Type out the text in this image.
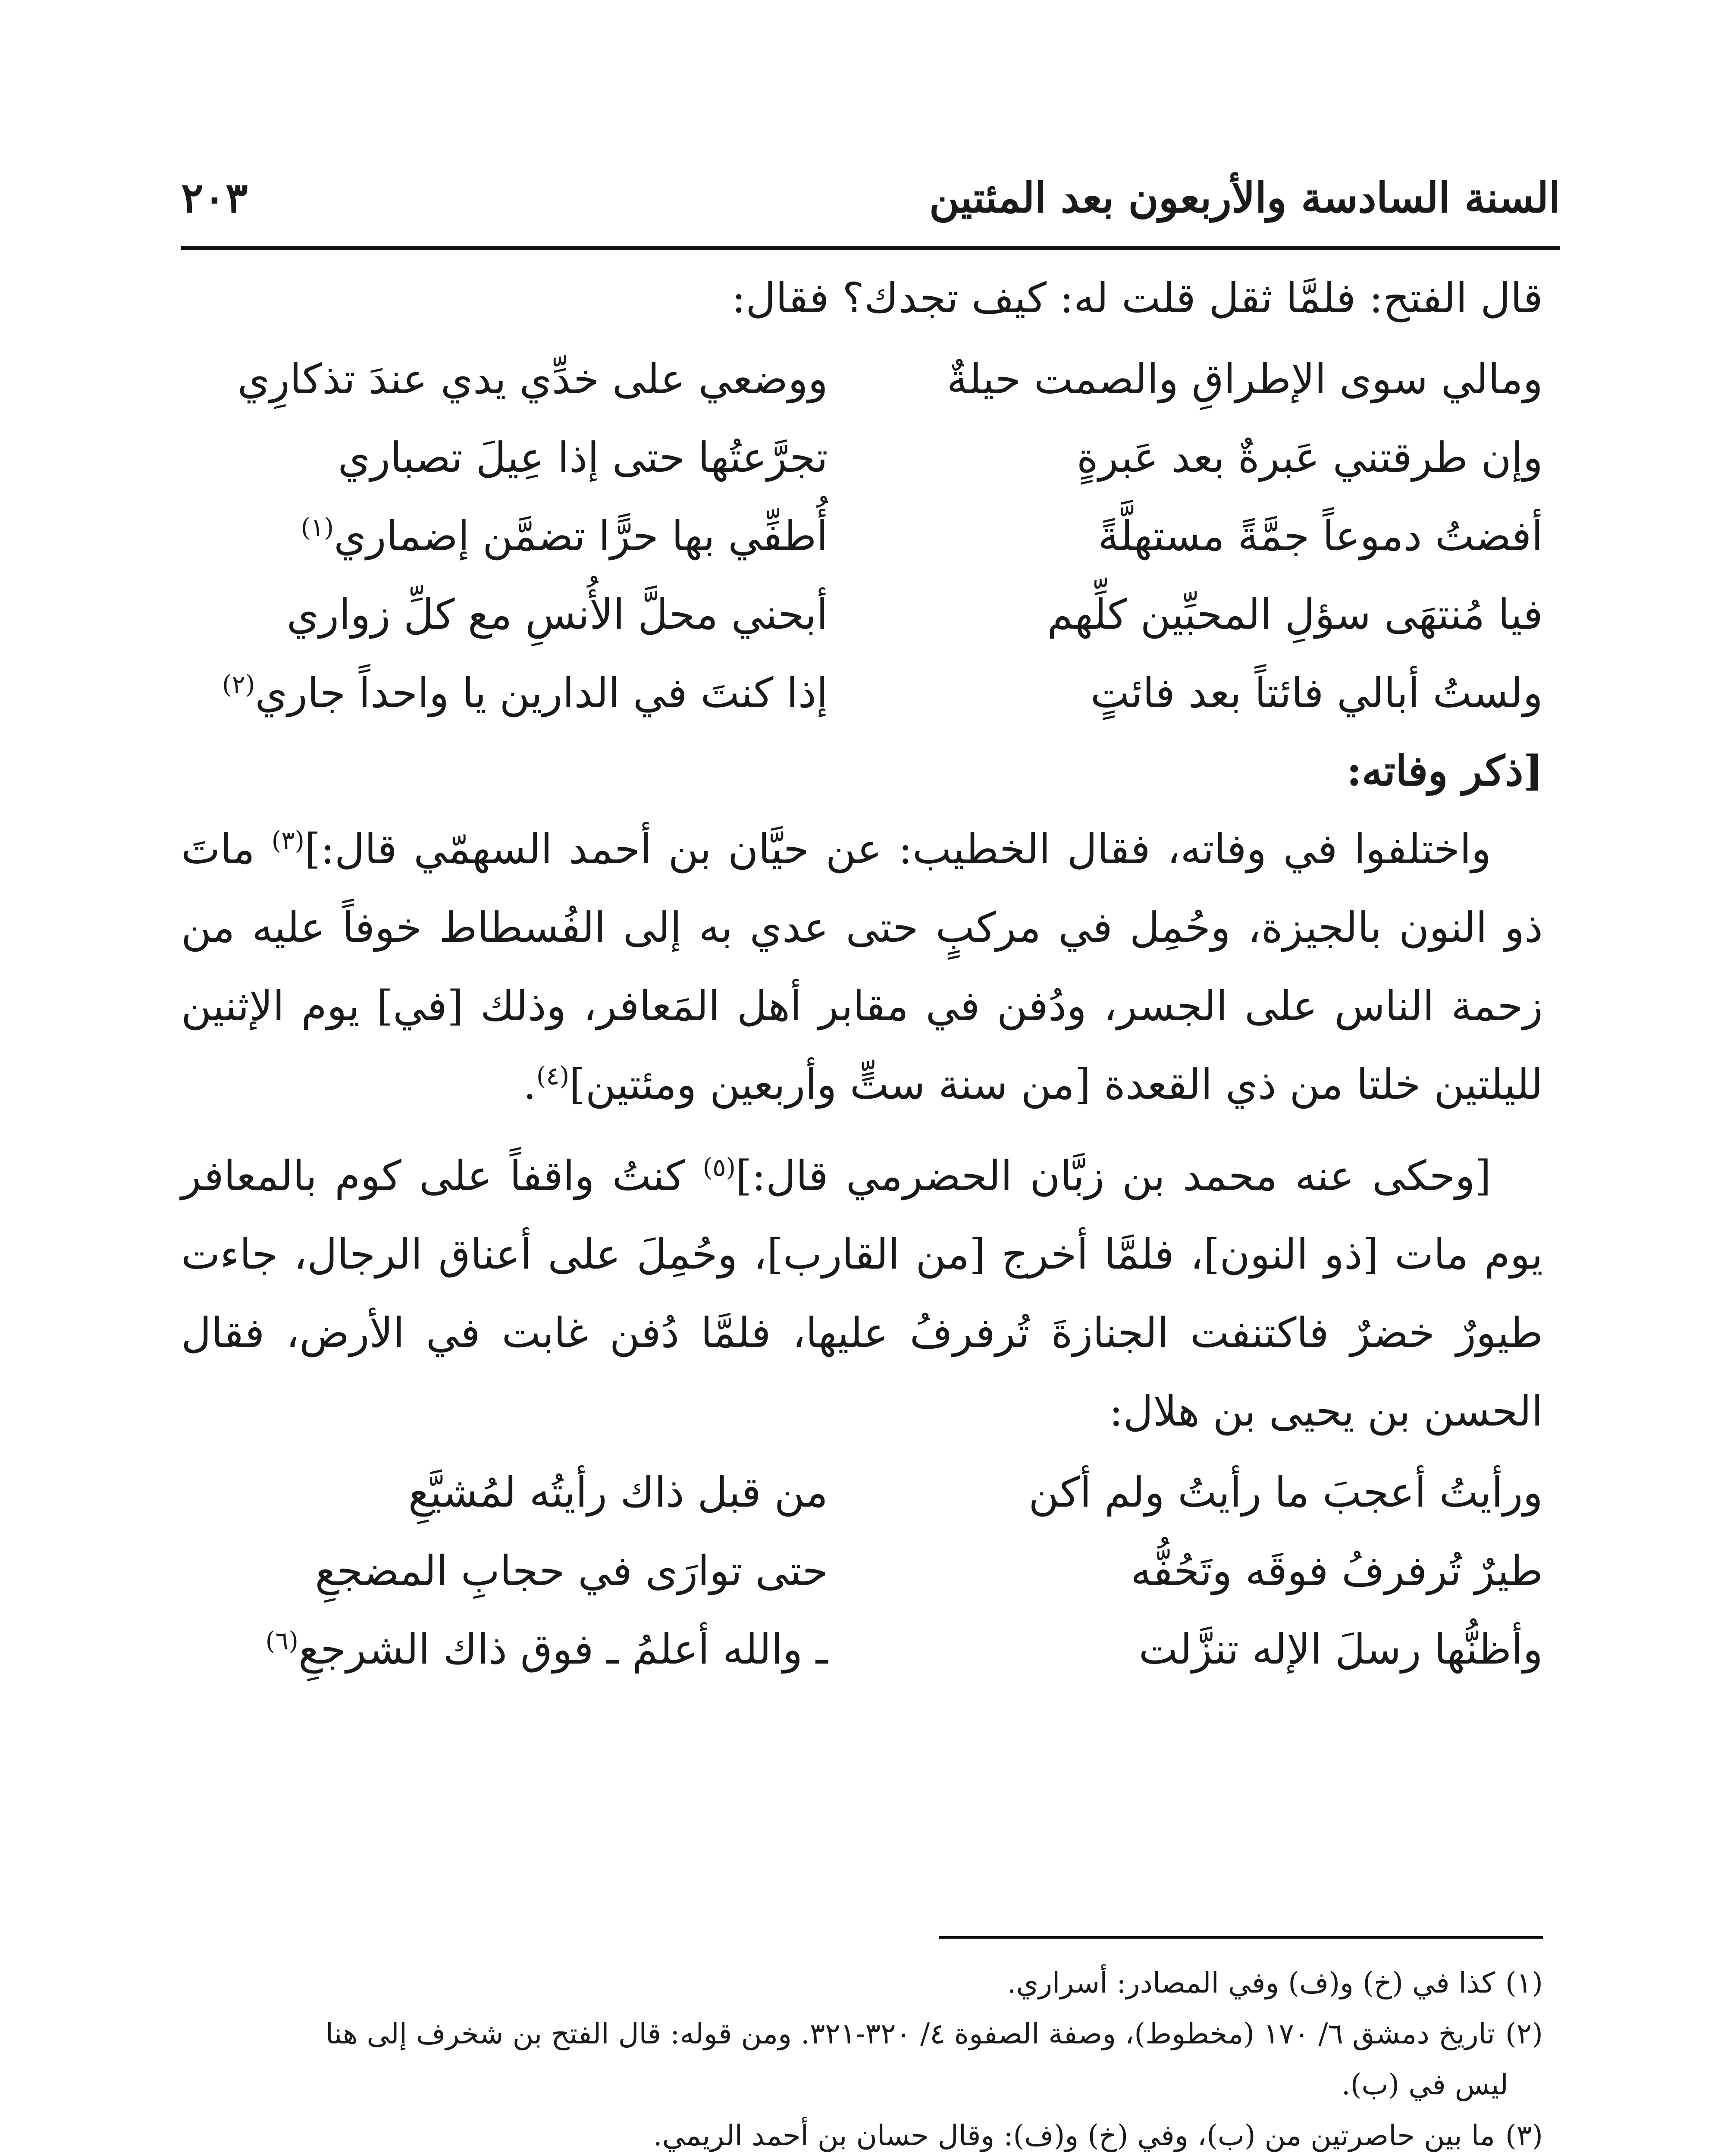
السنة السادسة والأربعون بعد المئتين
٢٠٣

قال الفتح: فلمَّا ثقل قلت له: كيف تجدك؟ فقال:

ومالي سوى الإطراقِ والصمت حيلةٌ
ووضعي على خدِّي يدي عندَ تذكارِي
وإن طرقتني عَبرةٌ بعد عَبرةٍ
تجرَّعتُها حتى إذا عِيلَ تصباري
أفضتُ دموعاً جمَّةً مستهلَّةً
أُطفِّي بها حرًّا تضمَّن إضماري$^{(١)}$
فيا مُنتهَى سؤلِ المحبِّين كلِّهم
أبحني محلَّ الأُنسِ مع كلِّ زواري
ولستُ أبالي فائتاً بعد فائتٍ
إذا كنتَ في الدارين يا واحداً جاري$^{(٢)}$

[ذكر وفاته:

واختلفوا في وفاته، فقال الخطيب: عن حيَّان بن أحمد السهمّي قال:]$^{(٣)}$ ماتَ ذو النون بالجيزة، وحُمِل في مركبٍ حتى عدي به إلى الفُسطاط خوفاً عليه من زحمة الناس على الجسر، ودُفن في مقابر أهل المَعافر، وذلك [في] يوم الإثنين لليلتين خلتا من ذي القعدة [من سنة ستٍّ وأربعين ومئتين]$^{(٤)}$.

[وحكى عنه محمد بن زبَّان الحضرمي قال:]$^{(٥)}$ كنتُ واقفاً على كوم بالمعافر يوم مات [ذو النون]، فلمَّا أخرج [من القارب]، وحُمِلَ على أعناق الرجال، جاءت طيورٌ خضرٌ فاكتنفت الجنازةَ تُرفرفُ عليها، فلمَّا دُفن غابت في الأرض، فقال الحسن بن يحيى بن هلال:

ورأيتُ أعجبَ ما رأيتُ ولم أكن
من قبل ذاك رأيتُه لمُشيَّعِ
طيرٌ تُرفرفُ فوقَه وتَحُفُّه
حتى توارَى في حجابِ المضجعِ
وأظنُّها رسلَ الإله تنزَّلت
ـ والله أعلمُ ـ فوق ذاك الشرجعِ$^{(٦)}$

(١)كذا في (خ) و(ف) وفي المصادر: أسراري.

(٢)تاريخ دمشق ٦/ ١٧٠ (مخطوط)، وصفة الصفوة ٤/ ٣٢٠-٣٢١. ومن قوله: قال الفتح بن شخرف إلى هنا

ليس في (ب).

(٣)ما بين حاصرتين من (ب)، وفي (خ) و(ف): وقال حسان بن أحمد الريمي.
